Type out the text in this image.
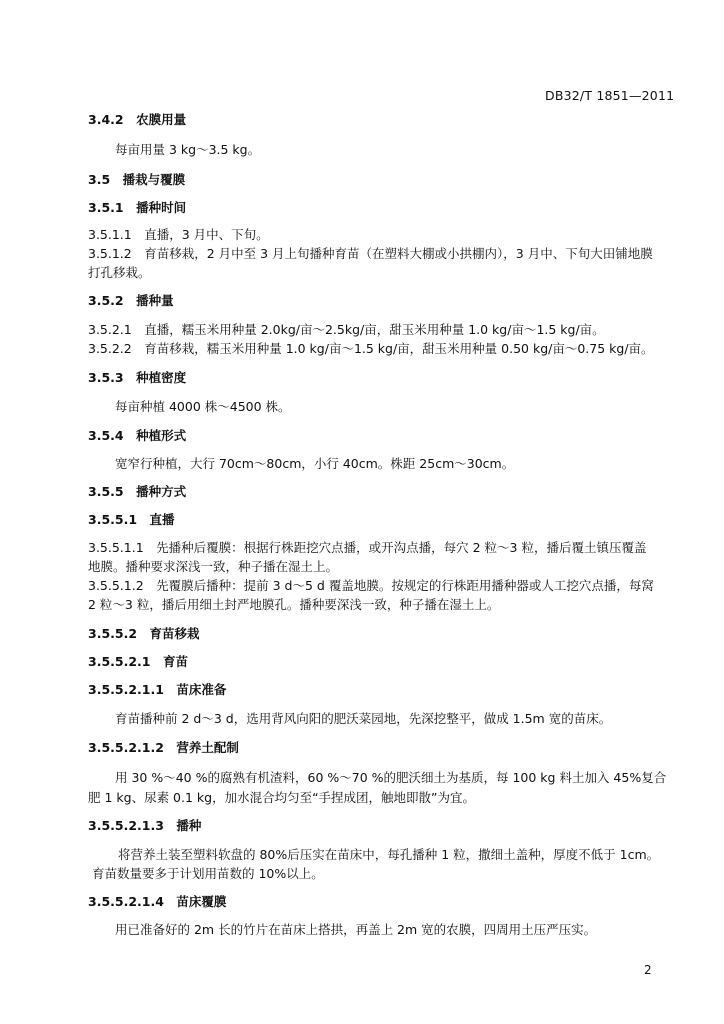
DB32/T 1851—2011
3.4.2　农膜用量
每亩用量 3 kg～3.5 kg。
3.5　播栽与覆膜
3.5.1　播种时间
3.5.1.1　直播，3 月中、下旬。
3.5.1.2　育苗移栽，2 月中至 3 月上旬播种育苗（在塑料大棚或小拱棚内），3 月中、下旬大田铺地膜
打孔移栽。
3.5.2　播种量
3.5.2.1　直播，糯玉米用种量 2.0kg/亩～2.5kg/亩，甜玉米用种量 1.0 kg/亩～1.5 kg/亩。
3.5.2.2　育苗移栽，糯玉米用种量 1.0 kg/亩～1.5 kg/亩，甜玉米用种量 0.50 kg/亩～0.75 kg/亩。
3.5.3　种植密度
每亩种植 4000 株～4500 株。
3.5.4　种植形式
宽窄行种植，大行 70cm～80cm，小行 40cm。株距 25cm～30cm。
3.5.5　播种方式
3.5.5.1　直播
3.5.5.1.1　先播种后覆膜：根据行株距挖穴点播，或开沟点播，每穴 2 粒～3 粒，播后覆土镇压覆盖
地膜。播种要求深浅一致，种子播在湿土上。
3.5.5.1.2　先覆膜后播种：提前 3 d～5 d 覆盖地膜。按规定的行株距用播种器或人工挖穴点播，每窝
2 粒～3 粒，播后用细土封严地膜孔。播种要深浅一致，种子播在湿土上。
3.5.5.2　育苗移栽
3.5.5.2.1　育苗
3.5.5.2.1.1　苗床准备
育苗播种前 2 d～3 d，选用背风向阳的肥沃菜园地，先深挖整平，做成 1.5m 宽的苗床。
3.5.5.2.1.2　营养土配制
用 30 %～40 %的腐熟有机渣料，60 %～70 %的肥沃细土为基质，每 100 kg 料土加入 45%复合
肥 1 kg、尿素 0.1 kg，加水混合均匀至“手捏成团，触地即散”为宜。
3.5.5.2.1.3　播种
将营养土装至塑料软盘的 80%后压实在苗床中，每孔播种 1 粒，撒细土盖种，厚度不低于 1cm。
育苗数量要多于计划用苗数的 10%以上。
3.5.5.2.1.4　苗床覆膜
用已准备好的 2m 长的竹片在苗床上搭拱，再盖上 2m 宽的农膜，四周用土压严压实。
2
